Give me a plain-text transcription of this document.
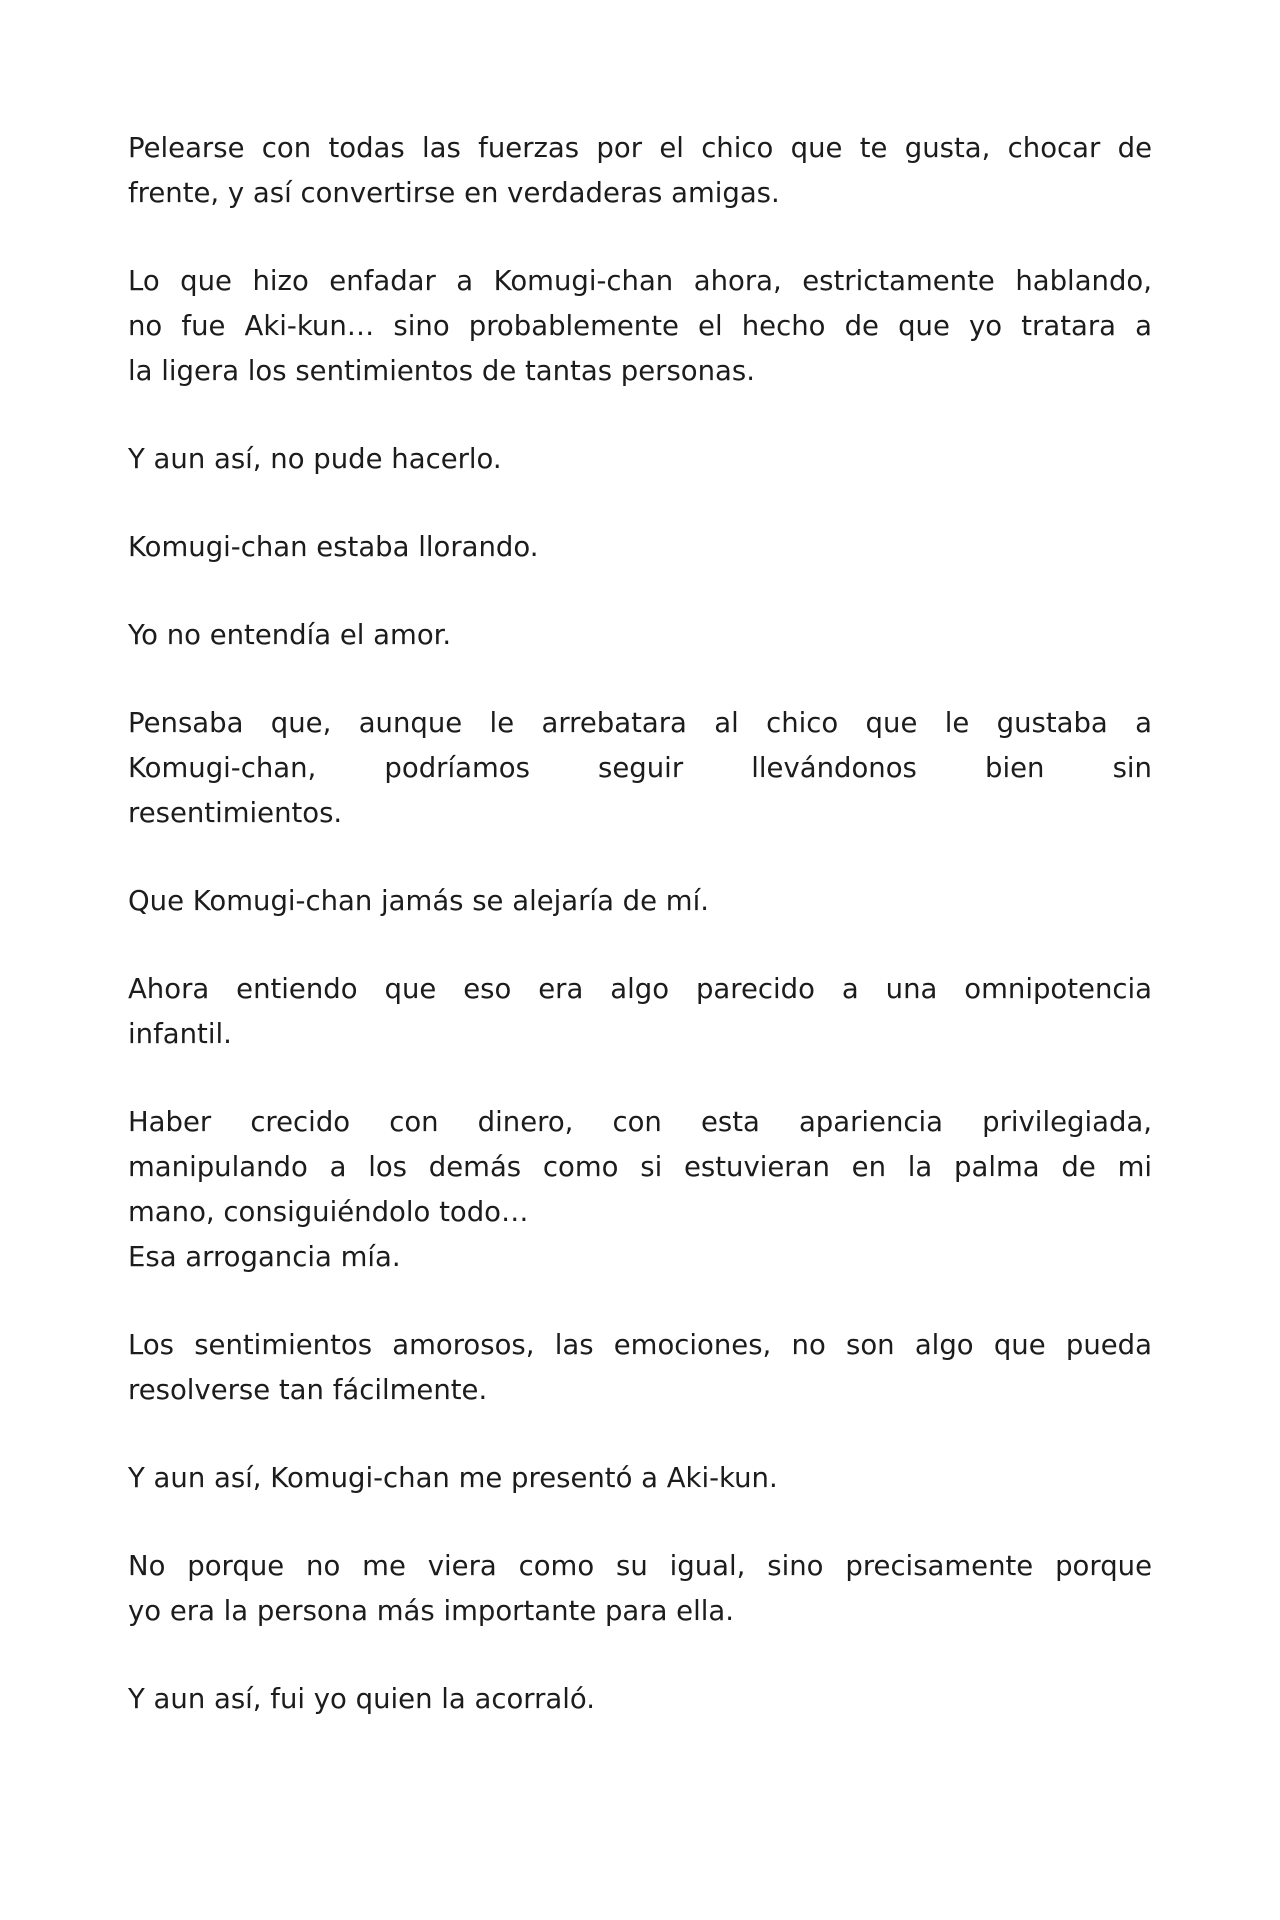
Pelearse con todas las fuerzas por el chico que te gusta, chocar de
frente, y así convertirse en verdaderas amigas.
Lo que hizo enfadar a Komugi-chan ahora, estrictamente hablando,
no fue Aki-kun… sino probablemente el hecho de que yo tratara a
la ligera los sentimientos de tantas personas.
Y aun así, no pude hacerlo.
Komugi-chan estaba llorando.
Yo no entendía el amor.
Pensaba que, aunque le arrebatara al chico que le gustaba a
Komugi-chan, podríamos seguir llevándonos bien sin
resentimientos.
Que Komugi-chan jamás se alejaría de mí.
Ahora entiendo que eso era algo parecido a una omnipotencia
infantil.
Haber crecido con dinero, con esta apariencia privilegiada,
manipulando a los demás como si estuvieran en la palma de mi
mano, consiguiéndolo todo…
Esa arrogancia mía.
Los sentimientos amorosos, las emociones, no son algo que pueda
resolverse tan fácilmente.
Y aun así, Komugi-chan me presentó a Aki-kun.
No porque no me viera como su igual, sino precisamente porque
yo era la persona más importante para ella.
Y aun así, fui yo quien la acorraló.
